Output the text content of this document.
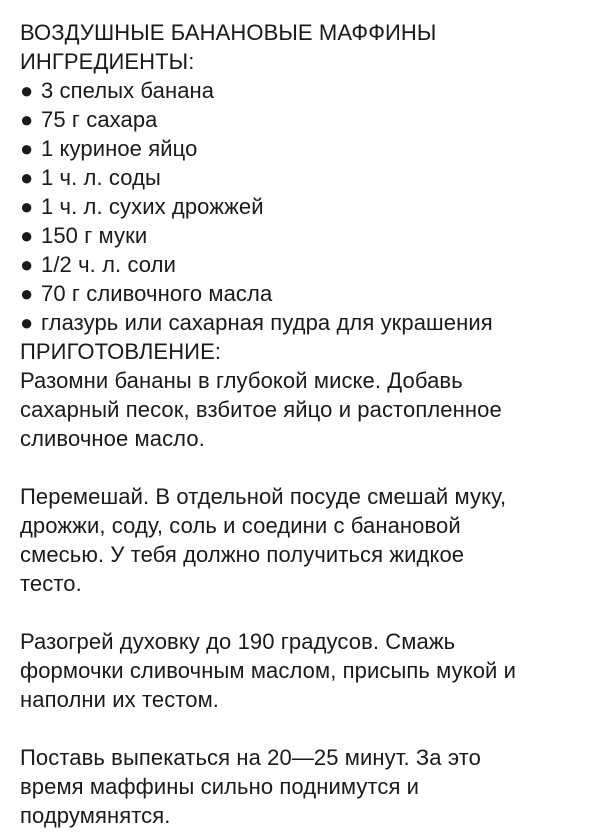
ВОЗДУШНЫЕ БАНАНОВЫЕ МАФФИНЫ

ИНГРЕДИЕНТЫ:

● 3 спелых банана
● 75 г сахара
● 1 куриное яйцо
● 1 ч. л. соды
● 1 ч. л. сухих дрожжей
● 150 г муки
● 1/2 ч. л. соли
● 70 г сливочного масла
● глазурь или сахарная пудра для украшения

ПРИГОТОВЛЕНИЕ:

Разомни бананы в глубокой миске. Добавь

сахарный песок, взбитое яйцо и растопленное

сливочное масло.

Перемешай. В отдельной посуде смешай муку,

дрожжи, соду, соль и соедини с банановой

смесью. У тебя должно получиться жидкое

тесто.

Разогрей духовку до 190 градусов. Смажь

формочки сливочным маслом, присыпь мукой и

наполни их тестом.

Поставь выпекаться на 20—25 минут. За это

время маффины сильно поднимутся и

подрумянятся.
